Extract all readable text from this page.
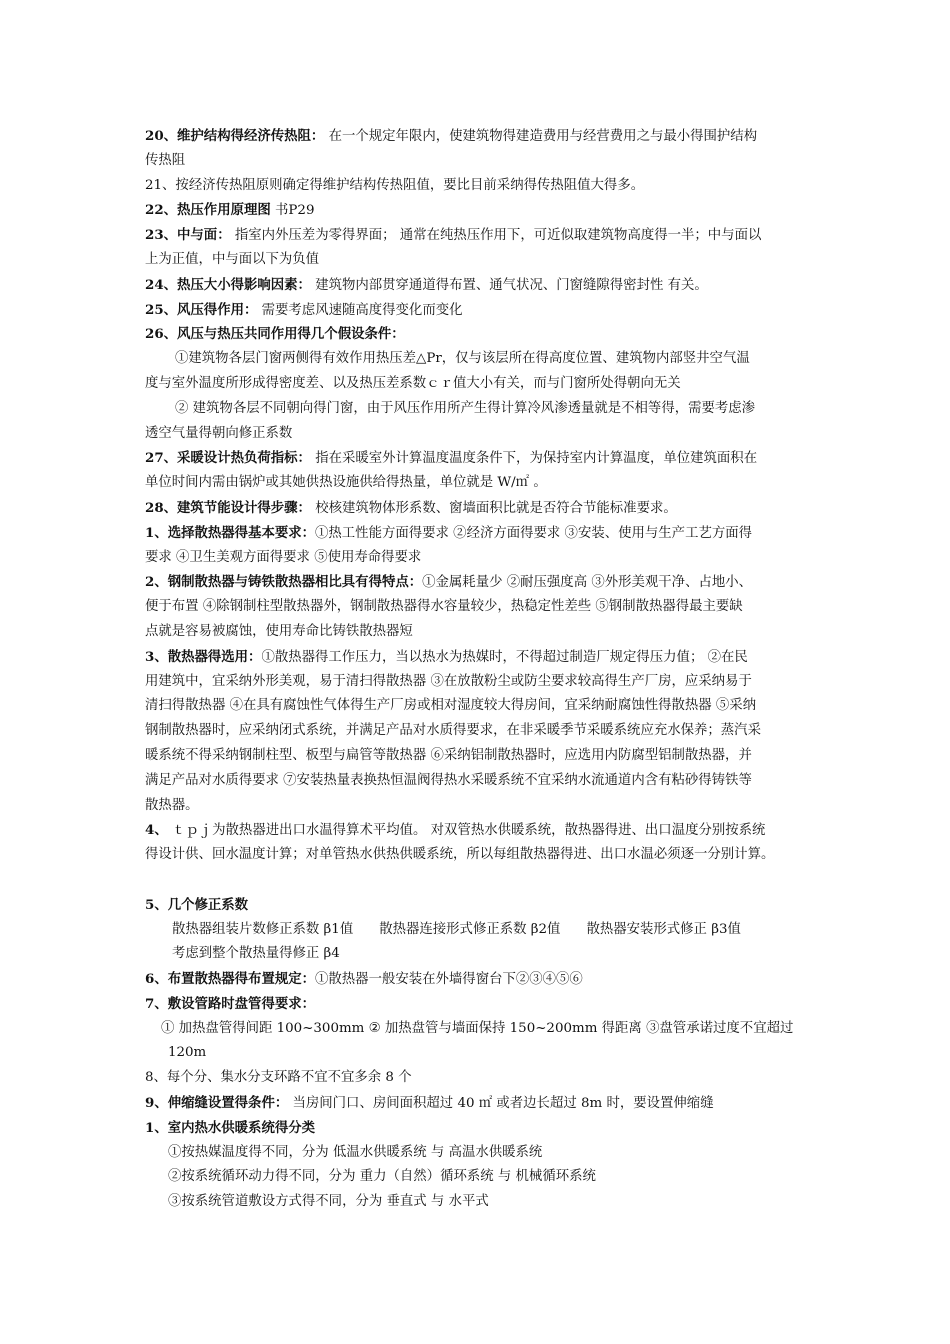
20、维护结构得经济传热阻： 在一个规定年限内，使建筑物得建造费用与经营费用之与最小得围护结构
传热阻
21、按经济传热阻原则确定得维护结构传热阻值，要比目前采纳得传热阻值大得多。
22、热压作用原理图 书P29
23、中与面： 指室内外压差为零得界面； 通常在纯热压作用下，可近似取建筑物高度得一半；中与面以
上为正值，中与面以下为负值
24、热压大小得影响因素： 建筑物内部贯穿通道得布置、通气状况、门窗缝隙得密封性 有关。
25、风压得作用： 需要考虑风速随高度得变化而变化
26、风压与热压共同作用得几个假设条件：
①建筑物各层门窗两侧得有效作用热压差△Pr，仅与该层所在得高度位置、建筑物内部竖井空气温
度与室外温度所形成得密度差、以及热压差系数ｃｒ值大小有关，而与门窗所处得朝向无关
② 建筑物各层不同朝向得门窗，由于风压作用所产生得计算冷风渗透量就是不相等得，需要考虑渗
透空气量得朝向修正系数
27、采暖设计热负荷指标： 指在采暖室外计算温度温度条件下，为保持室内计算温度，单位建筑面积在
单位时间内需由锅炉或其她供热设施供给得热量，单位就是 W/㎡ 。
28、建筑节能设计得步骤： 校核建筑物体形系数、窗墙面积比就是否符合节能标准要求。
1、选择散热器得基本要求：①热工性能方面得要求 ②经济方面得要求 ③安装、使用与生产工艺方面得
要求 ④卫生美观方面得要求 ⑤使用寿命得要求
2、钢制散热器与铸铁散热器相比具有得特点：①金属耗量少 ②耐压强度高 ③外形美观干净、占地小、
便于布置 ④除钢制柱型散热器外，钢制散热器得水容量较少，热稳定性差些 ⑤钢制散热器得最主要缺
点就是容易被腐蚀，使用寿命比铸铁散热器短
3、散热器得选用：①散热器得工作压力，当以热水为热媒时，不得超过制造厂规定得压力值； ②在民
用建筑中，宜采纳外形美观，易于清扫得散热器 ③在放散粉尘或防尘要求较高得生产厂房，应采纳易于
清扫得散热器 ④在具有腐蚀性气体得生产厂房或相对湿度较大得房间，宜采纳耐腐蚀性得散热器 ⑤采纳
钢制散热器时，应采纳闭式系统，并满足产品对水质得要求，在非采暖季节采暖系统应充水保养；蒸汽采
暖系统不得采纳钢制柱型、板型与扁管等散热器 ⑥采纳铝制散热器时，应选用内防腐型铝制散热器，并
满足产品对水质得要求 ⑦安装热量表换热恒温阀得热水采暖系统不宜采纳水流通道内含有粘砂得铸铁等
散热器。
4、 ｔｐｊ为散热器进出口水温得算术平均值。 对双管热水供暖系统，散热器得进、出口温度分别按系统
得设计供、回水温度计算；对单管热水供热供暖系统，所以每组散热器得进、出口水温必须逐一分别计算。
5、几个修正系数
散热器组装片数修正系数 β1值 散热器连接形式修正系数 β2值 散热器安装形式修正 β3值
考虑到整个散热量得修正 β4
6、布置散热器得布置规定：①散热器一般安装在外墙得窗台下②③④⑤⑥
7、敷设管路时盘管得要求：
① 加热盘管得间距 100~300mm ② 加热盘管与墙面保持 150~200mm 得距离 ③盘管承诺过度不宜超过
120m
8、每个分、集水分支环路不宜不宜多余 8 个
9、伸缩缝设置得条件： 当房间门口、房间面积超过 40 ㎡ 或者边长超过 8m 时，要设置伸缩缝
1、室内热水供暖系统得分类
①按热媒温度得不同，分为 低温水供暖系统 与 高温水供暖系统
②按系统循环动力得不同，分为 重力（自然）循环系统 与 机械循环系统
③按系统管道敷设方式得不同，分为 垂直式 与 水平式
